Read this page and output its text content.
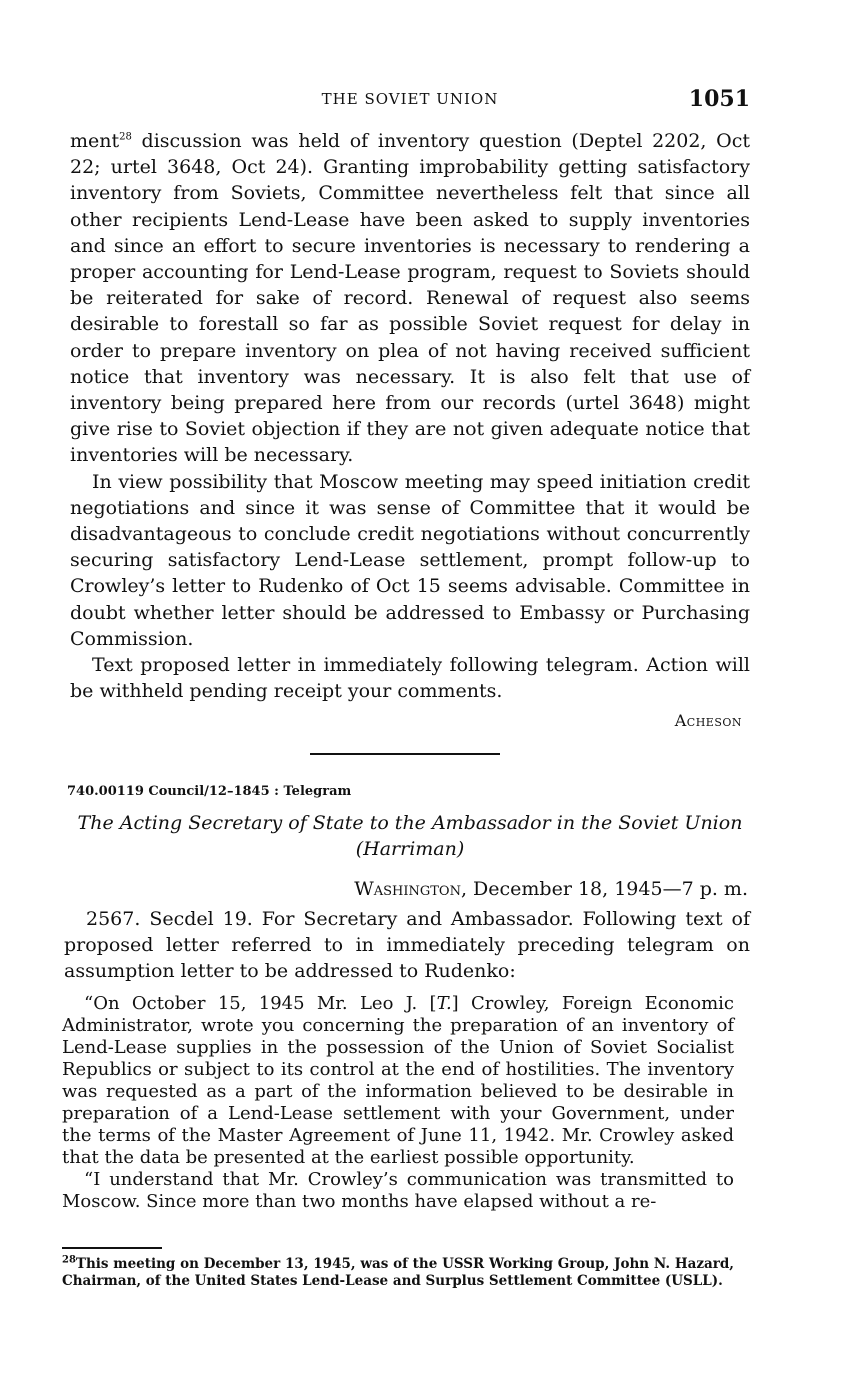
THE SOVIET UNION	1051

ment$^{28}$ discussion was held of inventory question (Deptel 2202, Oct 22; urtel 3648, Oct 24). Granting improbability getting satisfactory inventory from Soviets, Committee nevertheless felt that since all other recipients Lend-Lease have been asked to supply inventories and since an effort to secure inventories is necessary to rendering a proper accounting for Lend-Lease program, request to Soviets should be reiterated for sake of record. Renewal of request also seems desirable to forestall so far as possible Soviet request for delay in order to prepare inventory on plea of not having received sufficient notice that inventory was necessary. It is also felt that use of inventory being prepared here from our records (urtel 3648) might give rise to Soviet objection if they are not given adequate notice that inventories will be necessary.

In view possibility that Moscow meeting may speed initiation credit negotiations and since it was sense of Committee that it would be disadvantageous to conclude credit negotiations without concurrently securing satisfactory Lend-Lease settlement, prompt follow-up to Crowley’s letter to Rudenko of Oct 15 seems advisable. Committee in doubt whether letter should be addressed to Embassy or Purchasing Commission.

Text proposed letter in immediately following telegram. Action will be withheld pending receipt your comments.

Acheson
740.00119 Council/12–1845 : Telegram
The Acting Secretary of State to the Ambassador in the Soviet Union
(Harriman)
Washington, December 18, 1945—7 p. m.

2567. Secdel 19. For Secretary and Ambassador. Following text of proposed letter referred to in immediately preceding telegram on assumption letter to be addressed to Rudenko:

“On October 15, 1945 Mr. Leo J. [T.] Crowley, Foreign Economic Administrator, wrote you concerning the preparation of an inventory of Lend-Lease supplies in the possession of the Union of Soviet Socialist Republics or subject to its control at the end of hostilities. The inventory was requested as a part of the information believed to be desirable in preparation of a Lend-Lease settlement with your Government, under the terms of the Master Agreement of June 11, 1942. Mr. Crowley asked that the data be presented at the earliest possible opportunity.

“I understand that Mr. Crowley’s communication was transmitted to Moscow. Since more than two months have elapsed without a re-

$^{28}$This meeting on December 13, 1945, was of the USSR Working Group, John N. Hazard, Chairman, of the United States Lend-Lease and Surplus Settlement Committee (USLL).
